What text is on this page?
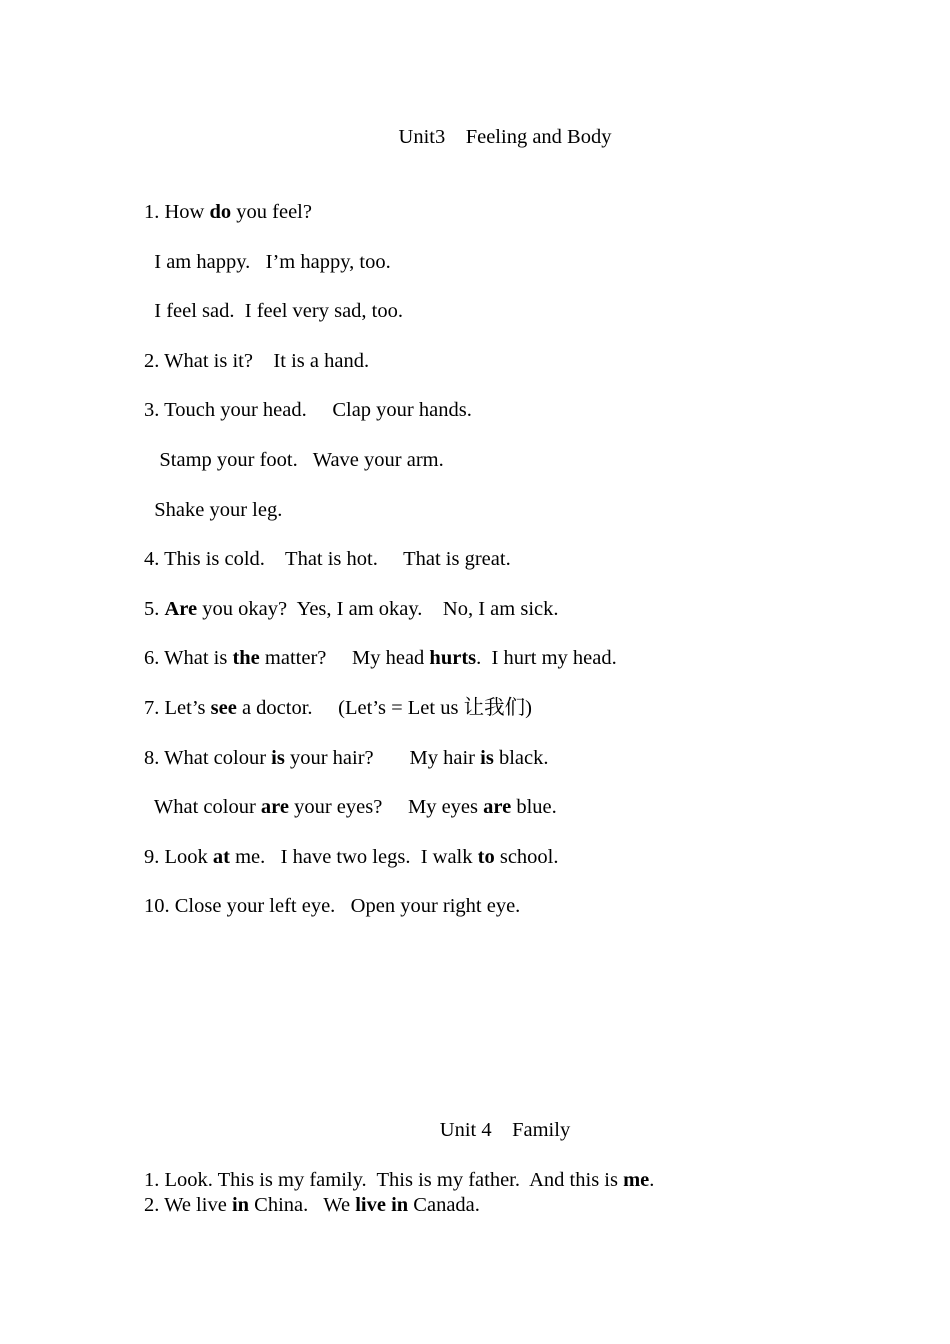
Unit3    Feeling and Body
1. How do you feel?
I am happy.   I’m happy, too.
I feel sad.  I feel very sad, too.
2. What is it?    It is a hand.
3. Touch your head.     Clap your hands.
Stamp your foot.   Wave your arm.
Shake your leg.
4. This is cold.    That is hot.     That is great.
5. Are you okay?  Yes, I am okay.    No, I am sick.
6. What is the matter?     My head hurts.  I hurt my head.
7. Let’s see a doctor.     (Let’s = Let us 让我们)
8. What colour is your hair?       My hair is black.
What colour are your eyes?     My eyes are blue.
9. Look at me.   I have two legs.  I walk to school.
10. Close your left eye.   Open your right eye.
Unit 4    Family
1. Look. This is my family.  This is my father.  And this is me.
2. We live in China.   We live in Canada.
